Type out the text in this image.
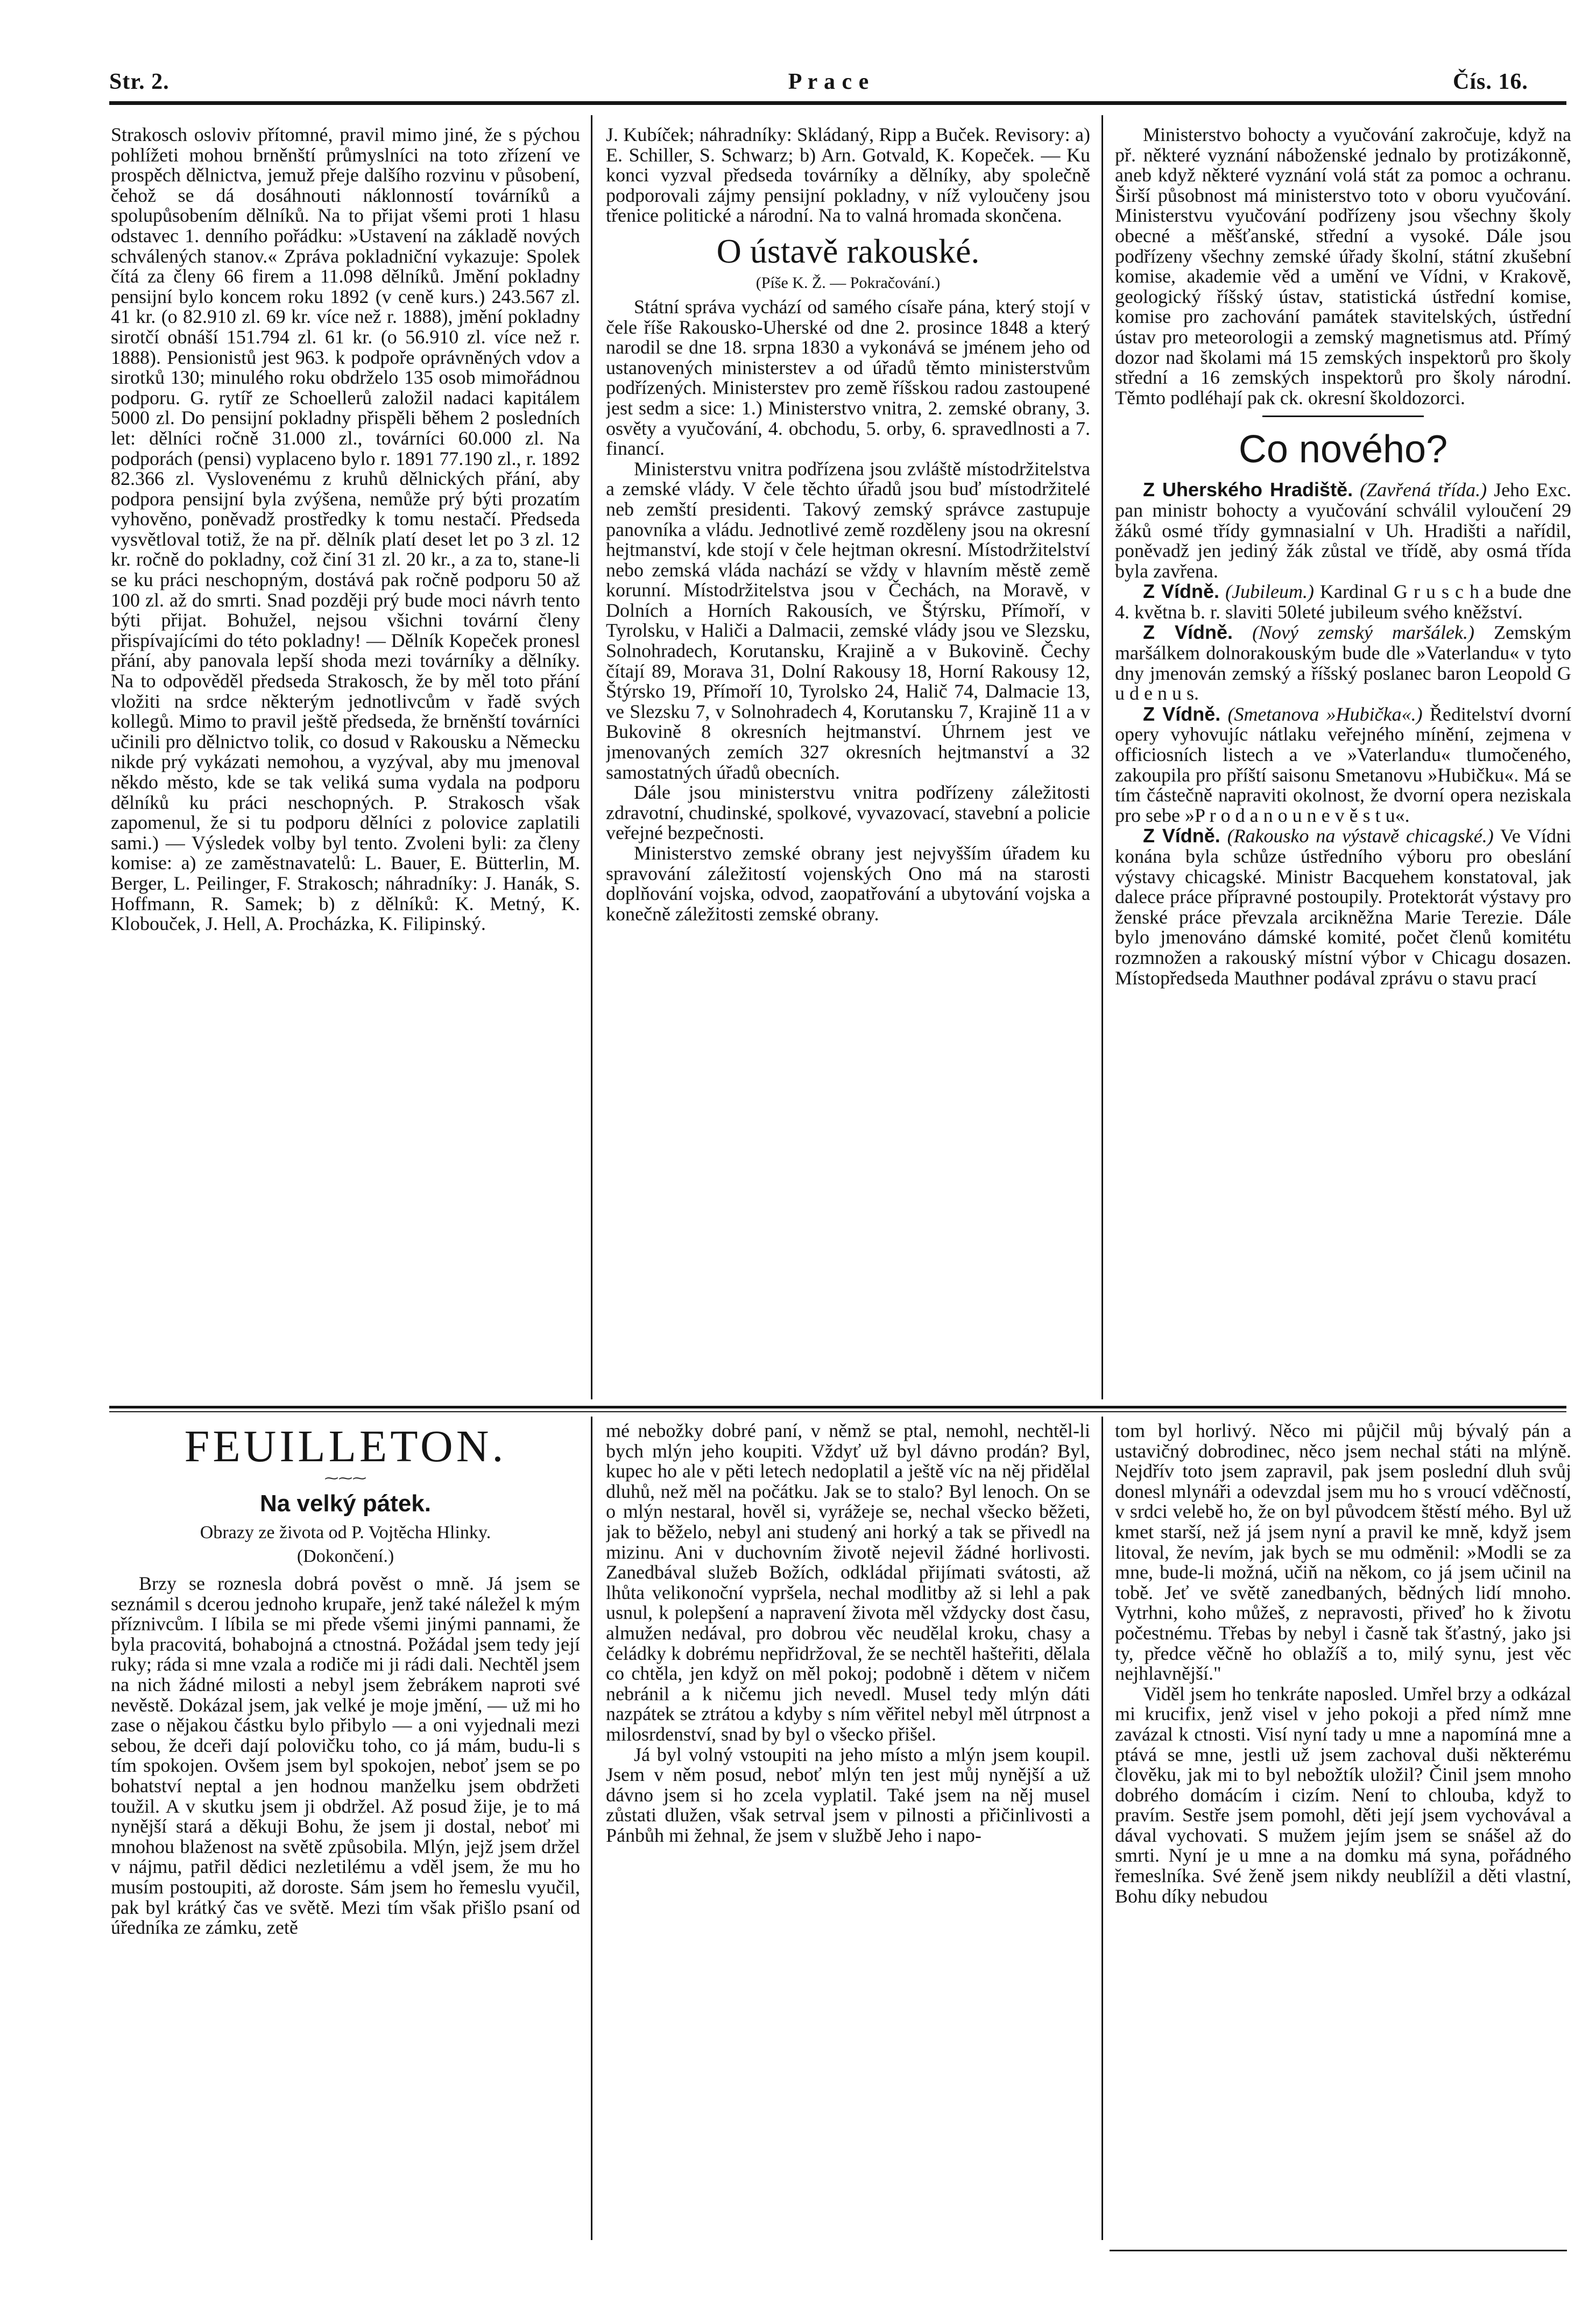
Str. 2.	P r a c e	Čís. 16.

Strakosch osloviv přítomné, pravil mimo jiné, že s pýchou pohlížeti mohou brněnští průmyslníci na toto zřízení ve prospěch dělnictva, jemuž přeje dalšího rozvinu v působení, čehož se dá dosáhnouti náklonností továrníků a spolupůsobením dělníků. Na to přijat všemi proti 1 hlasu odstavec 1. denního pořádku: »Ustavení na základě nových schválených stanov.« Zpráva pokladniční vykazuje: Spolek čítá za členy 66 firem a 11.098 dělníků. Jmění pokladny pensijní bylo koncem roku 1892 (v ceně kurs.) 243.567 zl. 41 kr. (o 82.910 zl. 69 kr. více než r. 1888), jmění pokladny sirotčí obnáší 151.794 zl. 61 kr. (o 56.910 zl. více než r. 1888). Pensionistů jest 963. k podpoře oprávněných vdov a sirotků 130; minulého roku obdrželo 135 osob mimořádnou podporu. G. rytíř ze Schoellerů založil nadaci kapitálem 5000 zl. Do pensijní pokladny přispěli během 2 posledních let: dělníci ročně 31.000 zl., továrníci 60.000 zl. Na podporách (pensi) vyplaceno bylo r. 1891 77.190 zl., r. 1892 82.366 zl. Vyslovenému z kruhů dělnických přání, aby podpora pensijní byla zvýšena, nemůže prý býti prozatím vyhověno, poněvadž prostředky k tomu nestačí. Předseda vysvětloval totiž, že na př. dělník platí deset let po 3 zl. 12 kr. ročně do pokladny, což činí 31 zl. 20 kr., a za to, stane-li se ku práci neschopným, dostává pak ročně podporu 50 až 100 zl. až do smrti. Snad později prý bude moci návrh tento býti přijat. Bohužel, nejsou všichni tovární členy přispívajícími do této pokladny! — Dělník Kopeček pronesl přání, aby panovala lepší shoda mezi továrníky a dělníky. Na to odpověděl předseda Strakosch, že by měl toto přání vložiti na srdce některým jednotlivcům v řadě svých kollegů. Mimo to pravil ještě předseda, že brněnští továrníci učinili pro dělnictvo tolik, co dosud v Rakousku a Německu nikde prý vykázati nemohou, a vyzýval, aby mu jmenoval někdo město, kde se tak veliká suma vydala na podporu dělníků ku práci neschopných. P. Strakosch však zapomenul, že si tu podporu dělníci z polovice zaplatili sami.) — Výsledek volby byl tento. Zvoleni byli: za členy komise: a) ze zaměstnavatelů: L. Bauer, E. Bütterlin, M. Berger, L. Peilinger, F. Strakosch; náhradníky: J. Hanák, S. Hoffmann, R. Samek; b) z dělníků: K. Metný, K. Klobouček, J. Hell, A. Procházka, K. Filipinský.

J. Kubíček; náhradníky: Skládaný, Ripp a Buček. Revisory: a) E. Schiller, S. Schwarz; b) Arn. Gotvald, K. Kopeček. — Ku konci vyzval předseda továrníky a dělníky, aby společně podporovali zájmy pensijní pokladny, v níž vyloučeny jsou třenice politické a národní. Na to valná hromada skončena.

O ústavě rakouské.
(Píše K. Ž. — Pokračování.)

Státní správa vychází od samého císaře pána, který stojí v čele říše Rakousko-Uherské od dne 2. prosince 1848 a který narodil se dne 18. srpna 1830 a vykonává se jménem jeho od ustanovených ministerstev a od úřadů těmto ministerstvům podřízených. Ministerstev pro země říšskou radou zastoupené jest sedm a sice: 1.) Ministerstvo vnitra, 2. zemské obrany, 3. osvěty a vyučování, 4. obchodu, 5. orby, 6. spravedlnosti a 7. financí.

Ministerstvu vnitra podřízena jsou zvláště místodržitelstva a zemské vlády. V čele těchto úřadů jsou buď místodržitelé neb zemští presidenti. Takový zemský správce zastupuje panovníka a vládu. Jednotlivé země rozděleny jsou na okresní hejtmanství, kde stojí v čele hejtman okresní. Místodržitelství nebo zemská vláda nachází se vždy v hlavním městě země korunní. Místodržitelstva jsou v Čechách, na Moravě, v Dolních a Horních Rakousích, ve Štýrsku, Přímoří, v Tyrolsku, v Haliči a Dalmacii, zemské vlády jsou ve Slezsku, Solnohradech, Korutansku, Krajině a v Bukovině. Čechy čítají 89, Morava 31, Dolní Rakousy 18, Horní Rakousy 12, Štýrsko 19, Přímoří 10, Tyrolsko 24, Halič 74, Dalmacie 13, ve Slezsku 7, v Solnohradech 4, Korutansku 7, Krajině 11 a v Bukovině 8 okresních hejtmanství. Úhrnem jest ve jmenovaných zemích 327 okresních hejtmanství a 32 samostatných úřadů obecních.

Dále jsou ministerstvu vnitra podřízeny záležitosti zdravotní, chudinské, spolkové, vyvazovací, stavební a policie veřejné bezpečnosti.

Ministerstvo zemské obrany jest nejvyšším úřadem ku spravování záležitostí vojenských Ono má na starosti doplňování vojska, odvod, zaopatřování a ubytování vojska a konečně záležitosti zemské obrany.

Ministerstvo bohocty a vyučování zakročuje, když na př. některé vyznání náboženské jednalo by protizákonně, aneb když některé vyznání volá stát za pomoc a ochranu. Širší působnost má ministerstvo toto v oboru vyučování. Ministerstvu vyučování podřízeny jsou všechny školy obecné a měšťanské, střední a vysoké. Dále jsou podřízeny všechny zemské úřady školní, státní zkušební komise, akademie věd a umění ve Vídni, v Krakově, geologický říšský ústav, statistická ústřední komise, komise pro zachování památek stavitelských, ústřední ústav pro meteorologii a zemský magnetismus atd. Přímý dozor nad školami má 15 zemských inspektorů pro školy střední a 16 zemských inspektorů pro školy národní. Těmto podléhají pak ck. okresní školdozorci.

Co nového?

Z Uherského Hradiště. (Zavřená třída.) Jeho Exc. pan ministr bohocty a vyučování schválil vyloučení 29 žáků osmé třídy gymnasialní v Uh. Hradišti a nařídil, poněvadž jen jediný žák zůstal ve třídě, aby osmá třída byla zavřena.

Z Vídně. (Jubileum.) Kardinal G r u s c h a bude dne 4. května b. r. slaviti 50leté jubileum svého kněžství.

Z Vídně. (Nový zemský maršálek.) Zemským maršálkem dolnorakouským bude dle »Vaterlandu« v tyto dny jmenován zemský a říšský poslanec baron Leopold G u d e n u s.

Z Vídně. (Smetanova »Hubička«.) Ředitelství dvorní opery vyhovujíc nátlaku veřejného mínění, zejmena v officiosních listech a ve »Vaterlandu« tlumočeného, zakoupila pro příští saisonu Smetanovu »Hubičku«. Má se tím částečně napraviti okolnost, že dvorní opera neziskala pro sebe »P r o d a n o u n e v ě s t u«.

Z Vídně. (Rakousko na výstavě chicagské.) Ve Vídni konána byla schůze ústředního výboru pro obeslání výstavy chicagské. Ministr Bacquehem konstatoval, jak dalece práce přípravné postoupily. Protektorát výstavy pro ženské práce převzala arcikněžna Marie Terezie. Dále bylo jmenováno dámské komité, počet členů komitétu rozmnožen a rakouský místní výbor v Chicagu dosazen. Místopředseda Mauthner podával zprávu o stavu prací

FEUILLETON.
⁓⁓⁓
Na velký pátek.
Obrazy ze života od P. Vojtěcha Hlinky.
(Dokončení.)

Brzy se roznesla dobrá pověst o mně. Já jsem se seznámil s dcerou jednoho krupaře, jenž také náležel k mým příznivcům. I líbila se mi přede všemi jinými pannami, že byla pracovitá, bohabojná a ctnostná. Požádal jsem tedy její ruky; ráda si mne vzala a rodiče mi ji rádi dali. Nechtěl jsem na nich žádné milosti a nebyl jsem žebrákem naproti své nevěstě. Dokázal jsem, jak velké je moje jmění, — už mi ho zase o nějakou částku bylo přibylo — a oni vyjednali mezi sebou, že dceři dají polovičku toho, co já mám, budu-li s tím spokojen. Ovšem jsem byl spokojen, neboť jsem se po bohatství neptal a jen hodnou manželku jsem obdržeti toužil. A v skutku jsem ji obdržel. Až posud žije, je to má nynější stará a děkuji Bohu, že jsem ji dostal, neboť mi mnohou blaženost na světě způsobila. Mlýn, jejž jsem držel v nájmu, patřil dědici nezletilému a vděl jsem, že mu ho musím postoupiti, až doroste. Sám jsem ho řemeslu vyučil, pak byl krátký čas ve světě. Mezi tím však přišlo psaní od úředníka ze zámku, zetě

mé nebožky dobré paní, v němž se ptal, nemohl, nechtěl-li bych mlýn jeho koupiti. Vždyť už byl dávno prodán? Byl, kupec ho ale v pěti letech nedoplatil a ještě víc na něj přidělal dluhů, než měl na počátku. Jak se to stalo? Byl lenoch. On se o mlýn nestaral, hověl si, vyrážeje se, nechal všecko běžeti, jak to běželo, nebyl ani studený ani horký a tak se přivedl na mizinu. Ani v duchovním životě nejevil žádné horlivosti. Zanedbával služeb Božích, odkládal přijímati svátosti, až lhůta velikonoční vypršela, nechal modlitby až si lehl a pak usnul, k polepšení a napravení života měl vždycky dost času, almužen nedával, pro dobrou věc neudělal kroku, chasy a čeládky k dobrému nepřidržoval, že se nechtěl hašteřiti, dělala co chtěla, jen když on měl pokoj; podobně i dětem v ničem nebránil a k ničemu jich nevedl. Musel tedy mlýn dáti nazpátek se ztrátou a kdyby s ním věřitel nebyl měl útrpnost a milosrdenství, snad by byl o všecko přišel.

Já byl volný vstoupiti na jeho místo a mlýn jsem koupil. Jsem v něm posud, neboť mlýn ten jest můj nynější a už dávno jsem si ho zcela vyplatil. Také jsem na něj musel zůstati dlužen, však setrval jsem v pilnosti a přičinlivosti a Pánbůh mi žehnal, že jsem v službě Jeho i napo-

tom byl horlivý. Něco mi půjčil můj bývalý pán a ustavičný dobrodinec, něco jsem nechal státi na mlýně. Nejdřív toto jsem zapravil, pak jsem poslední dluh svůj donesl mlynáři a odevzdal jsem mu ho s vroucí vděčností, v srdci velebě ho, že on byl původcem štěstí mého. Byl už kmet starší, než já jsem nyní a pravil ke mně, když jsem litoval, že nevím, jak bych se mu odměnil: »Modli se za mne, bude-li možná, učiň na někom, co já jsem učinil na tobě. Jeť ve světě zanedbaných, bědných lidí mnoho. Vytrhni, koho můžeš, z nepravosti, přiveď ho k životu počestnému. Třebas by nebyl i časně tak šťastný, jako jsi ty, předce věčně ho oblažíš a to, milý synu, jest věc nejhlavnější."

Viděl jsem ho tenkráte naposled. Umřel brzy a odkázal mi krucifix, jenž visel v jeho pokoji a před nímž mne zavázal k ctnosti. Visí nyní tady u mne a napomíná mne a ptává se mne, jestli už jsem zachoval duši některému člověku, jak mi to byl nebožtík uložil? Činil jsem mnoho dobrého domácím i cizím. Není to chlouba, když to pravím. Sestře jsem pomohl, děti její jsem vychovával a dával vychovati. S mužem jejím jsem se snášel až do smrti. Nyní je u mne a na domku má syna, pořádného řemeslníka. Své ženě jsem nikdy neublížil a děti vlastní, Bohu díky nebudou
